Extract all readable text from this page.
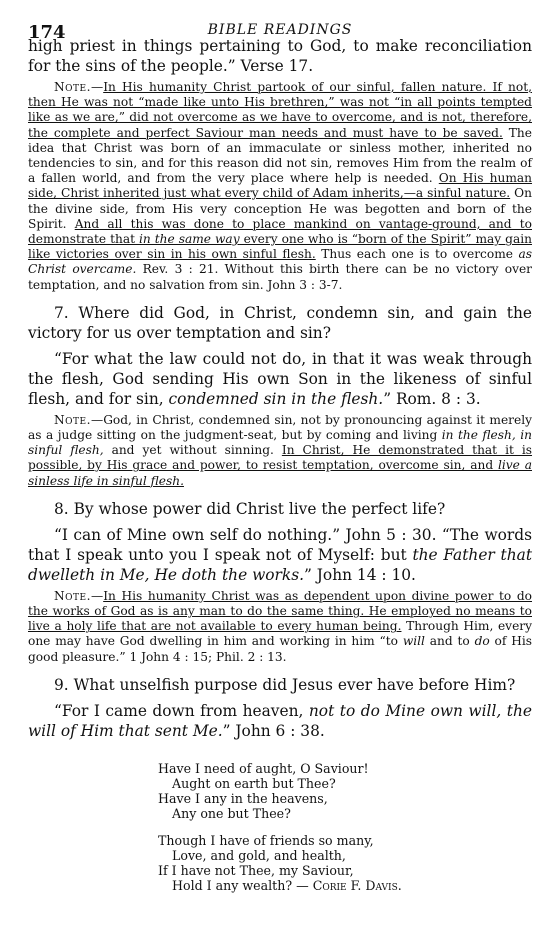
174	BIBLE READINGS

high priest in things pertaining to God, to make reconciliation for the sins of the people.” Verse 17.

Note.—In His humanity Christ partook of our sinful, fallen nature. If not, then He was not “made like unto His brethren,” was not “in all points tempted like as we are,” did not overcome as we have to overcome, and is not, therefore, the complete and perfect Saviour man needs and must have to be saved. The idea that Christ was born of an immaculate or sinless mother, inherited no tendencies to sin, and for this reason did not sin, removes Him from the realm of a fallen world, and from the very place where help is needed. On His human side, Christ inherited just what every child of Adam inherits,—a sinful nature. On the divine side, from His very conception He was begotten and born of the Spirit. And all this was done to place mankind on vantage-ground, and to demonstrate that in the same way every one who is “born of the Spirit” may gain like victories over sin in his own sinful flesh. Thus each one is to overcome as Christ overcame. Rev. 3 : 21. Without this birth there can be no victory over temptation, and no salvation from sin. John 3 : 3-7.

7. Where did God, in Christ, condemn sin, and gain the victory for us over temptation and sin?

“For what the law could not do, in that it was weak through the flesh, God sending His own Son in the likeness of sinful flesh, and for sin, condemned sin in the flesh.” Rom. 8 : 3.

Note.—God, in Christ, condemned sin, not by pronouncing against it merely as a judge sitting on the judgment-seat, but by coming and living in the flesh, in sinful flesh, and yet without sinning. In Christ, He demonstrated that it is possible, by His grace and power, to resist temptation, overcome sin, and live a sinless life in sinful flesh.

8. By whose power did Christ live the perfect life?

“I can of Mine own self do nothing.” John 5 : 30. “The words that I speak unto you I speak not of Myself: but the Father that dwelleth in Me, He doth the works.” John 14 : 10.

Note.—In His humanity Christ was as dependent upon divine power to do the works of God as is any man to do the same thing. He employed no means to live a holy life that are not available to every human being. Through Him, every one may have God dwelling in him and working in him “to will and to do of His good pleasure.” 1 John 4 : 15; Phil. 2 : 13.

9. What unselfish purpose did Jesus ever have before Him?

“For I came down from heaven, not to do Mine own will, the will of Him that sent Me.” John 6 : 38.

Have I need of aught, O Saviour!
Aught on earth but Thee?
Have I any in the heavens,
Any one but Thee?
Though I have of friends so many,
Love, and gold, and health,
If I have not Thee, my Saviour,
Hold I any wealth? — Corie F. Davis.
